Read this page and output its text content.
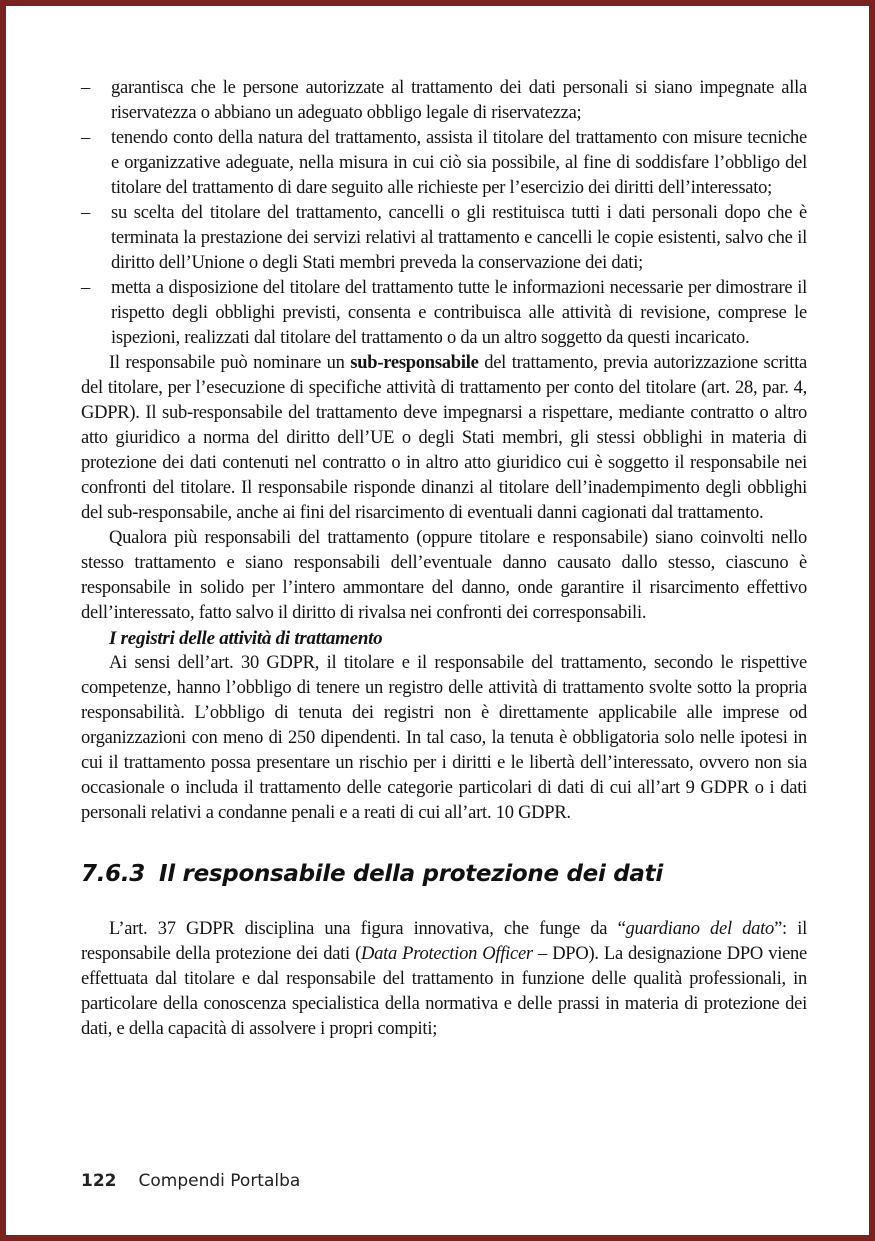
– garantisca che le persone autorizzate al trattamento dei dati personali si siano impegnate alla riservatezza o abbiano un adeguato obbligo legale di riservatezza;
– tenendo conto della natura del trattamento, assista il titolare del trattamento con misure tecniche e organizzative adeguate, nella misura in cui ciò sia possibile, al fine di soddisfare l’obbligo del titolare del trattamento di dare seguito alle richieste per l’esercizio dei diritti dell’interessato;
– su scelta del titolare del trattamento, cancelli o gli restituisca tutti i dati personali dopo che è terminata la prestazione dei servizi relativi al trattamento e cancelli le copie esistenti, salvo che il diritto dell’Unione o degli Stati membri preveda la conservazione dei dati;
– metta a disposizione del titolare del trattamento tutte le informazioni necessarie per dimostrare il rispetto degli obblighi previsti, consenta e contribuisca alle attività di revisione, comprese le ispezioni, realizzati dal titolare del trattamento o da un altro soggetto da questi incaricato.

Il responsabile può nominare un sub-responsabile del trattamento, previa autorizzazione scritta del titolare, per l’esecuzione di specifiche attività di trattamento per conto del titolare (art. 28, par. 4, GDPR). Il sub-responsabile del trattamento deve impegnarsi a rispettare, mediante contratto o altro atto giuridico a norma del diritto dell’UE o degli Stati membri, gli stessi obblighi in materia di protezione dei dati contenuti nel contratto o in altro atto giuridico cui è soggetto il responsabile nei confronti del titolare. Il responsabile risponde dinanzi al titolare dell’inadempimento degli obblighi del sub-responsabile, anche ai fini del risarcimento di eventuali danni cagionati dal trattamento.

Qualora più responsabili del trattamento (oppure titolare e responsabile) siano coinvolti nello stesso trattamento e siano responsabili dell’eventuale danno causato dallo stesso, ciascuno è responsabile in solido per l’intero ammontare del danno, onde garantire il risarcimento effettivo dell’interessato, fatto salvo il diritto di rivalsa nei confronti dei corresponsabili.

I registri delle attività di trattamento

Ai sensi dell’art. 30 GDPR, il titolare e il responsabile del trattamento, secondo le rispettive competenze, hanno l’obbligo di tenere un registro delle attività di trattamento svolte sotto la propria responsabilità. L’obbligo di tenuta dei registri non è direttamente applicabile alle imprese od organizzazioni con meno di 250 dipendenti. In tal caso, la tenuta è obbligatoria solo nelle ipotesi in cui il trattamento possa presentare un rischio per i diritti e le libertà dell’interessato, ovvero non sia occasionale o includa il trattamento delle categorie particolari di dati di cui all’art 9 GDPR o i dati personali relativi a condanne penali e a reati di cui all’art. 10 GDPR.

7.6.3 Il responsabile della protezione dei dati

L’art. 37 GDPR disciplina una figura innovativa, che funge da “guardiano del dato”: il responsabile della protezione dei dati (Data Protection Officer – DPO). La designazione DPO viene effettuata dal titolare e dal responsabile del trattamento in funzione delle qualità professionali, in particolare della conoscenza specialistica della normativa e delle prassi in materia di protezione dei dati, e della capacità di assolvere i propri compiti;

122 Compendi Portalba
